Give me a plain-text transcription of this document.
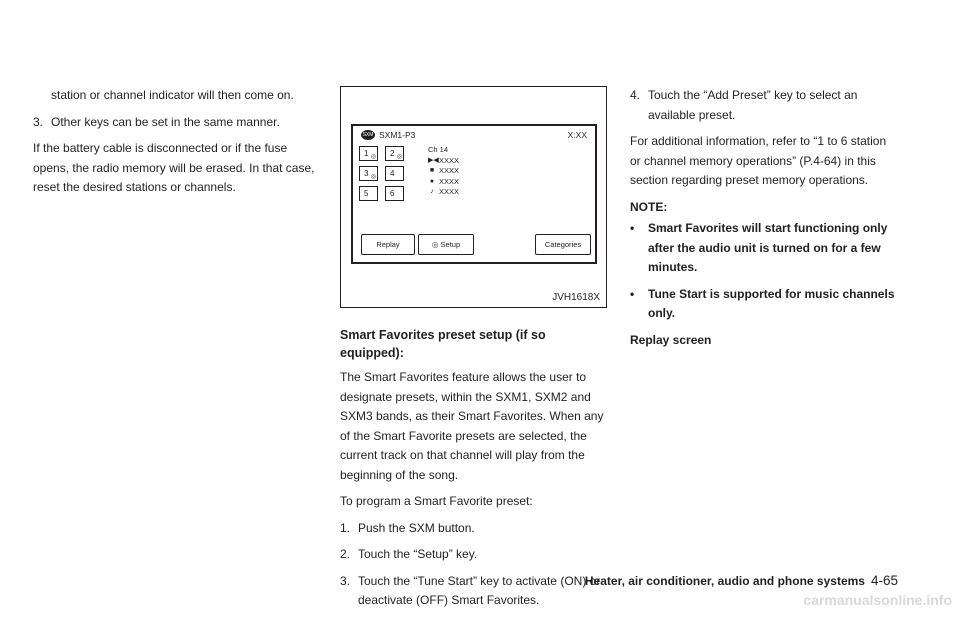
station or channel indicator will then come on.

3. Other keys can be set in the same manner.

If the battery cable is disconnected or if the fuse opens, the radio memory will be erased. In that case, reset the desired stations or channels.

SXM SXM1-P3	X:XX
1 ◎	2 ◎
3 ◎	4
5	6
Ch 14
▶◀ XXXX
■ XXXX
● XXXX
♪ XXXX
Replay	◎ Setup	Categories
JVH1618X
Smart Favorites preset setup (if so equipped):

The Smart Favorites feature allows the user to designate presets, within the SXM1, SXM2 and SXM3 bands, as their Smart Favorites. When any of the Smart Favorite presets are selected, the current track on that channel will play from the beginning of the song.

To program a Smart Favorite preset:

1. Push the SXM button.

2. Touch the “Setup” key.

3. Touch the “Tune Start” key to activate (ON) or deactivate (OFF) Smart Favorites.

4. Touch the “Add Preset” key to select an available preset.

For additional information, refer to “1 to 6 station or channel memory operations” (P.4-64) in this section regarding preset memory operations.

NOTE:

• Smart Favorites will start functioning only after the audio unit is turned on for a few minutes.

• Tune Start is supported for music channels only.

Replay screen

Heater, air conditioner, audio and phone systems 4-65
carmanualsonline.info
